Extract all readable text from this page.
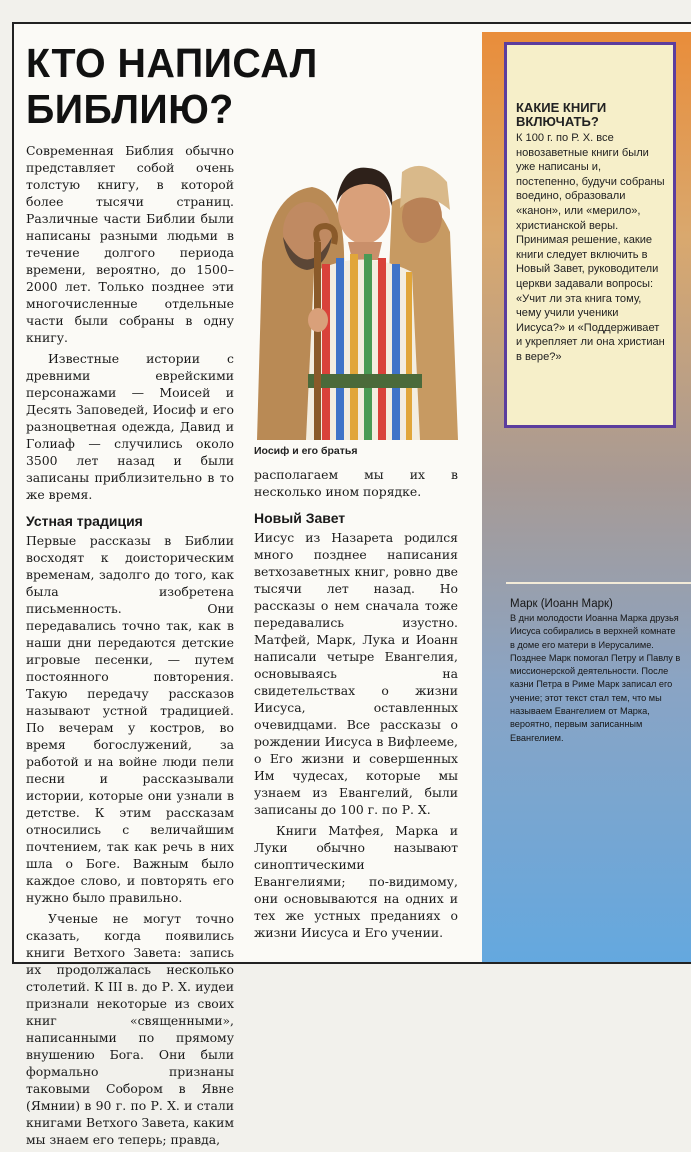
КТО НАПИСАЛ БИБЛИЮ?

Современная Библия обычно представляет собой очень толстую книгу, в которой более тысячи страниц. Различные части Библии были написаны разными людьми в течение долгого периода времени, вероятно, до 1500–2000 лет. Только позднее эти многочисленные отдельные части были собраны в одну книгу.

Известные истории с древними еврейскими персонажами — Моисей и Десять Заповедей, Иосиф и его разноцветная одежда, Давид и Голиаф — случились около 3500 лет назад и были записаны приблизительно в то же время.

Устная традиция

Первые рассказы в Библии восходят к доисторическим временам, задолго до того, как была изобретена письменность. Они передавались точно так, как в наши дни передаются детские игровые песенки, — путем постоянного повторения. Такую передачу рассказов называют устной традицией. По вечерам у костров, во время богослужений, за работой и на войне люди пели песни и рассказывали истории, которые они узнали в детстве. К этим рассказам относились с величайшим почтением, так как речь в них шла о Боге. Важным было каждое слово, и повторять его нужно было правильно.

Ученые не могут точно сказать, когда появились книги Ветхого Завета: запись их продолжалась несколько столетий. К III в. до Р. Х. иудеи признали некоторые из своих книг «священными», написанными по прямому внушению Бога. Они были формально признаны таковыми Собором в Явне (Ямнии) в 90 г. по Р. Х. и стали книгами Ветхого Завета, каким мы знаем его теперь; правда,

Иосиф и его братья

располагаем мы их в несколько ином порядке.

Новый Завет

Иисус из Назарета родился много позднее написания ветхозаветных книг, ровно две тысячи лет назад. Но рассказы о нем сначала тоже передавались изустно. Матфей, Марк, Лука и Иоанн написали четыре Евангелия, основываясь на свидетельствах о жизни Иисуса, оставленных очевидцами. Все рассказы о рождении Иисуса в Вифлееме, о Его жизни и совершенных Им чудесах, которые мы узнаем из Евангелий, были записаны до 100 г. по Р. Х.

Книги Матфея, Марка и Луки обычно называют синоптическими Евангелиями; по-видимому, они основываются на одних и тех же устных преданиях о жизни Иисуса и Его учении.

КАКИЕ КНИГИ ВКЛЮЧАТЬ?

К 100 г. по Р. Х. все новозаветные книги были уже написаны и, постепенно, будучи собраны воедино, образовали «канон», или «мерило», христианской веры. Принимая решение, какие книги следует включить в Новый Завет, руководители церкви задавали вопросы: «Учит ли эта книга тому, чему учили ученики Иисуса?» и «Поддерживает и укрепляет ли она христиан в вере?»

Марк (Иоанн Марк)

В дни молодости Иоанна Марка друзья Иисуса собирались в верхней комнате в доме его матери в Иерусалиме. Позднее Марк помогал Петру и Павлу в миссионерской деятельности. После казни Петра в Риме Марк записал его учение; этот текст стал тем, что мы называем Евангелием от Марка, вероятно, первым записанным Евангелием.
